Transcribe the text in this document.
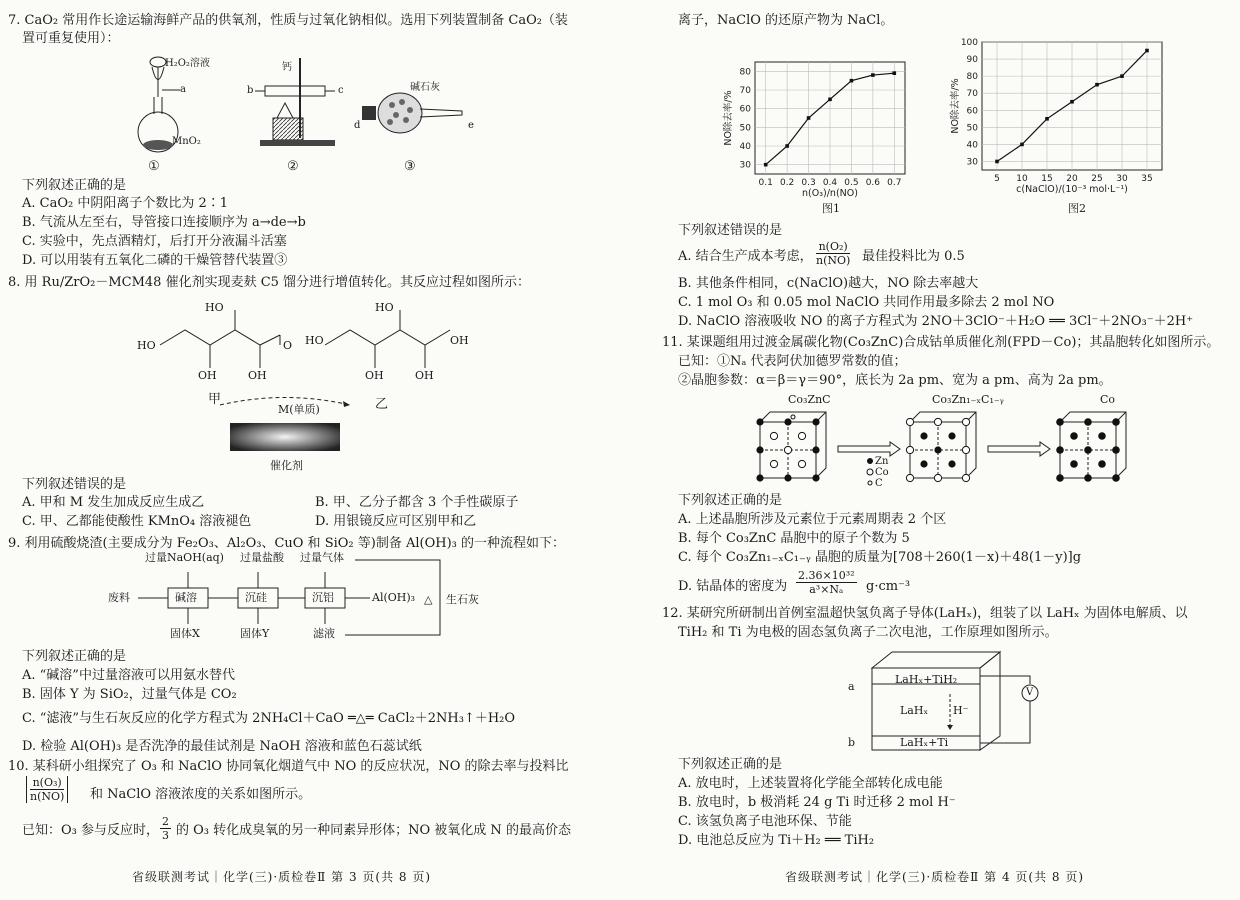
7. CaO₂ 常用作长途运输海鲜产品的供氧剂，性质与过氧化钠相似。选用下列装置制备 CaO₂（装
置可重复使用）：
H₂O₂溶液
a
MnO₂
①
钙
b	c
②
碱石灰
d	e
③
下列叙述正确的是
A. CaO₂ 中阴阳离子个数比为 2∶1
B. 气流从左至右，导管接口连接顺序为 a→de→b
C. 实验中，先点酒精灯，后打开分液漏斗活塞
D. 可以用装有五氧化二磷的干燥管替代装置③
8. 用 Ru/ZrO₂－MCM48 催化剂实现麦麸 C5 馏分进行增值转化。其反应过程如图所示：
HO
HO
OH	OH
O HO
HO
OH	OH
OH
甲	乙
M(单质)
催化剂
下列叙述错误的是
A. 甲和 M 发生加成反应生成乙	B. 甲、乙分子都含 3 个手性碳原子
C. 甲、乙都能使酸性 KMnO₄ 溶液褪色	D. 用银镜反应可区别甲和乙
9. 利用硫酸烧渣(主要成分为 Fe₂O₃、Al₂O₃、CuO 和 SiO₂ 等)制备 Al(OH)₃ 的一种流程如下：
过量NaOH(aq) 过量盐酸 过量气体
废料	碱溶	沉硅	沉铝	Al(OH)₃
固体X	固体Y	滤液
△ 生石灰
下列叙述正确的是
A. “碱溶”中过量溶液可以用氨水替代
B. 固体 Y 为 SiO₂，过量气体是 CO₂
C. “滤液”与生石灰反应的化学方程式为 2NH₄Cl＋CaO ═△═ CaCl₂＋2NH₃↑＋H₂O
D. 检验 Al(OH)₃ 是否洗净的最佳试剂是 NaOH 溶液和蓝色石蕊试纸
10. 某科研小组探究了 O₃ 和 NaClO 协同氧化烟道气中 NO 的反应状况，NO 的除去率与投料比
n(O₃)
n(NO) 和 NaClO 溶液浓度的关系如图所示。
已知：O₃ 参与反应时， $\frac{2}{3}$ 的 O₃ 转化成臭氧的另一种同素异形体；NO 被氧化成 N 的最高价态
省级联测考试｜化学(三)·质检卷Ⅱ 第 3 页(共 8 页)
离子，NaClO 的还原产物为 NaCl。
30
40
50
60
70
80
0.1 0.2 0.3 0.4 0.5 0.6 0.7
n(O₃)/n(NO)
NO除去率/%
图1
30
40
50
60
70
80
90
100
5 10 15 20 25 30 35
c(NaClO)/(10⁻³ mol·L⁻¹)
NO除去率/%
图2
下列叙述错误的是
A. 结合生产成本考虑， $\frac{\text{n(O₂)}}{n(NO)}$ 最佳投料比为 0.5
B. 其他条件相同，c(NaClO)越大，NO 除去率越大
C. 1 mol O₃ 和 0.05 mol NaClO 共同作用最多除去 2 mol NO
D. NaClO 溶液吸收 NO 的离子方程式为 2NO＋3ClO⁻＋H₂O ══ 3Cl⁻＋2NO₃⁻＋2H⁺
11. 某课题组用过渡金属碳化物(Co₃ZnC)合成钴单质催化剂(FPD－Co)；其晶胞转化如图所示。
已知：①Nₐ 代表阿伏加德罗常数的值；
②晶胞参数：α＝β＝γ＝90°，底长为 2a pm、宽为 a pm、高为 2a pm。
Co₃ZnC	Co₃Zn₁₋ₓC₁₋ᵧ	Co
Zn
Co
C
下列叙述正确的是
A. 上述晶胞所涉及元素位于元素周期表 2 个区
B. 每个 Co₃ZnC 晶胞中的原子个数为 5
C. 每个 Co₃Zn₁₋ₓC₁₋ᵧ 晶胞的质量为[708＋260(1－x)＋48(1－y)]g
D. 钴晶体的密度为 $\frac{\text{2.36×10³²}}{\text{a³×Nₐ}} g\cdot cm^{-3}$
12. 某研究所研制出首例室温超快氢负离子导体(LaHₓ)，组装了以 LaHₓ 为固体电解质、以
TiH₂ 和 Ti 为电极的固态氢负离子二次电池，工作原理如图所示。
a
b
LaHₓ+TiH₂
LaHₓ H⁻
LaHₓ+Ti
V
下列叙述正确的是
A. 放电时，上述装置将化学能全部转化成电能
B. 放电时，b 极消耗 24 g Ti 时迁移 2 mol H⁻
C. 该氢负离子电池环保、节能
D. 电池总反应为 Ti＋H₂ ══ TiH₂
省级联测考试｜化学(三)·质检卷Ⅱ 第 4 页(共 8 页)
